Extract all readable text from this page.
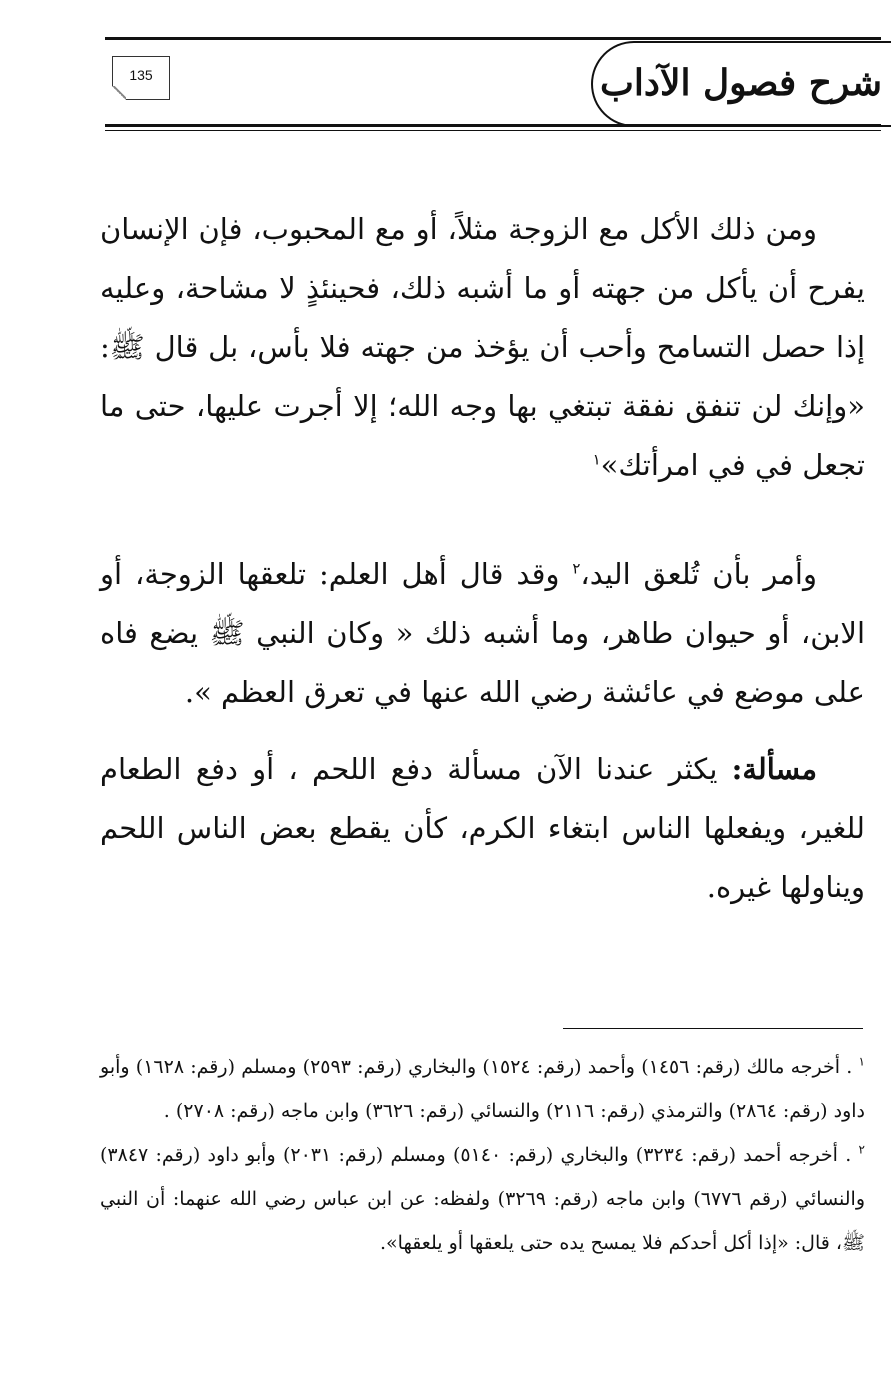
شرح فصول الآداب
135
ومن ذلك الأكل مع الزوجة مثلاً، أو مع المحبوب، فإن الإنسان يفرح أن يأكل من جهته أو ما أشبه ذلك، فحينئذٍ لا مشاحة، وعليه إذا حصل التسامح وأحب أن يؤخذ من جهته فلا بأس، بل قال ﷺ: «وإنك لن تنفق نفقة تبتغي بها وجه الله؛ إلا أجرت عليها، حتى ما تجعل في في امرأتك»$^١$
وأمر بأن تُلعق اليد،$^٢$ وقد قال أهل العلم: تلعقها الزوجة، أو الابن، أو حيوان طاهر، وما أشبه ذلك « وكان النبي ﷺ يضع فاه على موضع في عائشة رضي الله عنها في تعرق العظم ».
مسألة: يكثر عندنا الآن مسألة دفع اللحم ، أو دفع الطعام للغير، ويفعلها الناس ابتغاء الكرم، كأن يقطع بعض الناس اللحم ويناولها غيره.

$^١$ . أخرجه مالك (رقم: ١٤٥٦) وأحمد (رقم: ١٥٢٤) والبخاري (رقم: ٢٥٩٣) ومسلم (رقم: ١٦٢٨) وأبو داود (رقم: ٢٨٦٤) والترمذي (رقم: ٢١١٦) والنسائي (رقم: ٣٦٢٦) وابن ماجه (رقم: ٢٧٠٨) .

$^٢$ . أخرجه أحمد (رقم: ٣٢٣٤) والبخاري (رقم: ٥١٤٠) ومسلم (رقم: ٢٠٣١) وأبو داود (رقم: ٣٨٤٧) والنسائي (رقم ٦٧٧٦) وابن ماجه (رقم: ٣٢٦٩) ولفظه: عن ابن عباس رضي الله عنهما: أن النبي ﷺ، قال: «إذا أكل أحدكم فلا يمسح يده حتى يلعقها أو يلعقها».
